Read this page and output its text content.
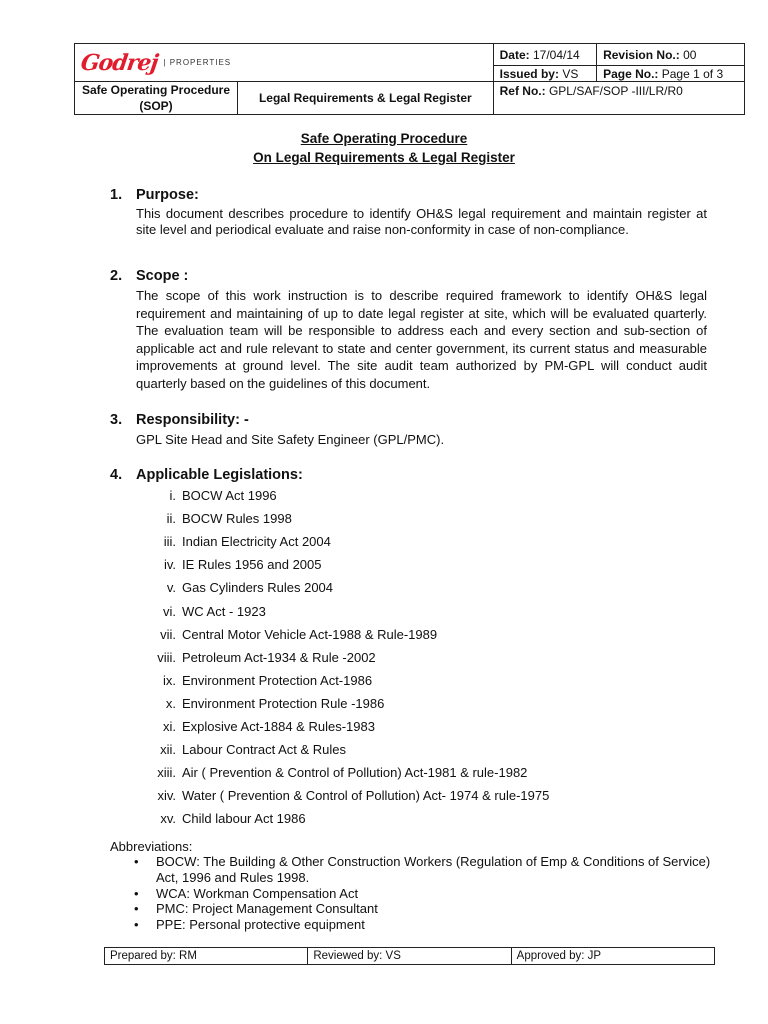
Godrej | PROPERTIES		Date: 17/04/14	Revision No.: 00
		Issued by: VS	Page No.: Page 1 of 3
Safe Operating Procedure (SOP)	Legal Requirements & Legal Register	Ref No.: GPL/SAF/SOP -III/LR/R0	
Safe Operating Procedure
On Legal Requirements & Legal Register
1. Purpose:
This document describes procedure to identify OH&S legal requirement and maintain register at site level and periodical evaluate and raise non-conformity in case of non-compliance.
2. Scope :
The scope of this work instruction is to describe required framework to identify OH&S legal requirement and maintaining of up to date legal register at site, which will be evaluated quarterly. The evaluation team will be responsible to address each and every section and sub-section of applicable act and rule relevant to state and center government, its current status and measurable improvements at ground level. The site audit team authorized by PM-GPL will conduct audit quarterly based on the guidelines of this document.
3. Responsibility: -
GPL Site Head and Site Safety Engineer (GPL/PMC).
4. Applicable Legislations:
i. BOCW Act 1996
ii. BOCW Rules 1998
iii. Indian Electricity Act 2004
iv. IE Rules 1956 and 2005
v. Gas Cylinders Rules 2004
vi. WC Act - 1923
vii. Central Motor Vehicle Act-1988 & Rule-1989
viii. Petroleum Act-1934 & Rule -2002
ix. Environment Protection Act-1986
x. Environment Protection Rule -1986
xi. Explosive Act-1884 & Rules-1983
xii. Labour Contract Act & Rules
xiii. Air ( Prevention & Control of Pollution) Act-1981 & rule-1982
xiv. Water ( Prevention & Control of Pollution) Act- 1974 & rule-1975
xv. Child labour Act 1986
Abbreviations:
• BOCW: The Building & Other Construction Workers (Regulation of Emp & Conditions of Service) Act, 1996 and Rules 1998.
• WCA: Workman Compensation Act
• PMC: Project Management Consultant
• PPE: Personal protective equipment
Prepared by: RM	Reviewed by: VS	Approved by: JP
